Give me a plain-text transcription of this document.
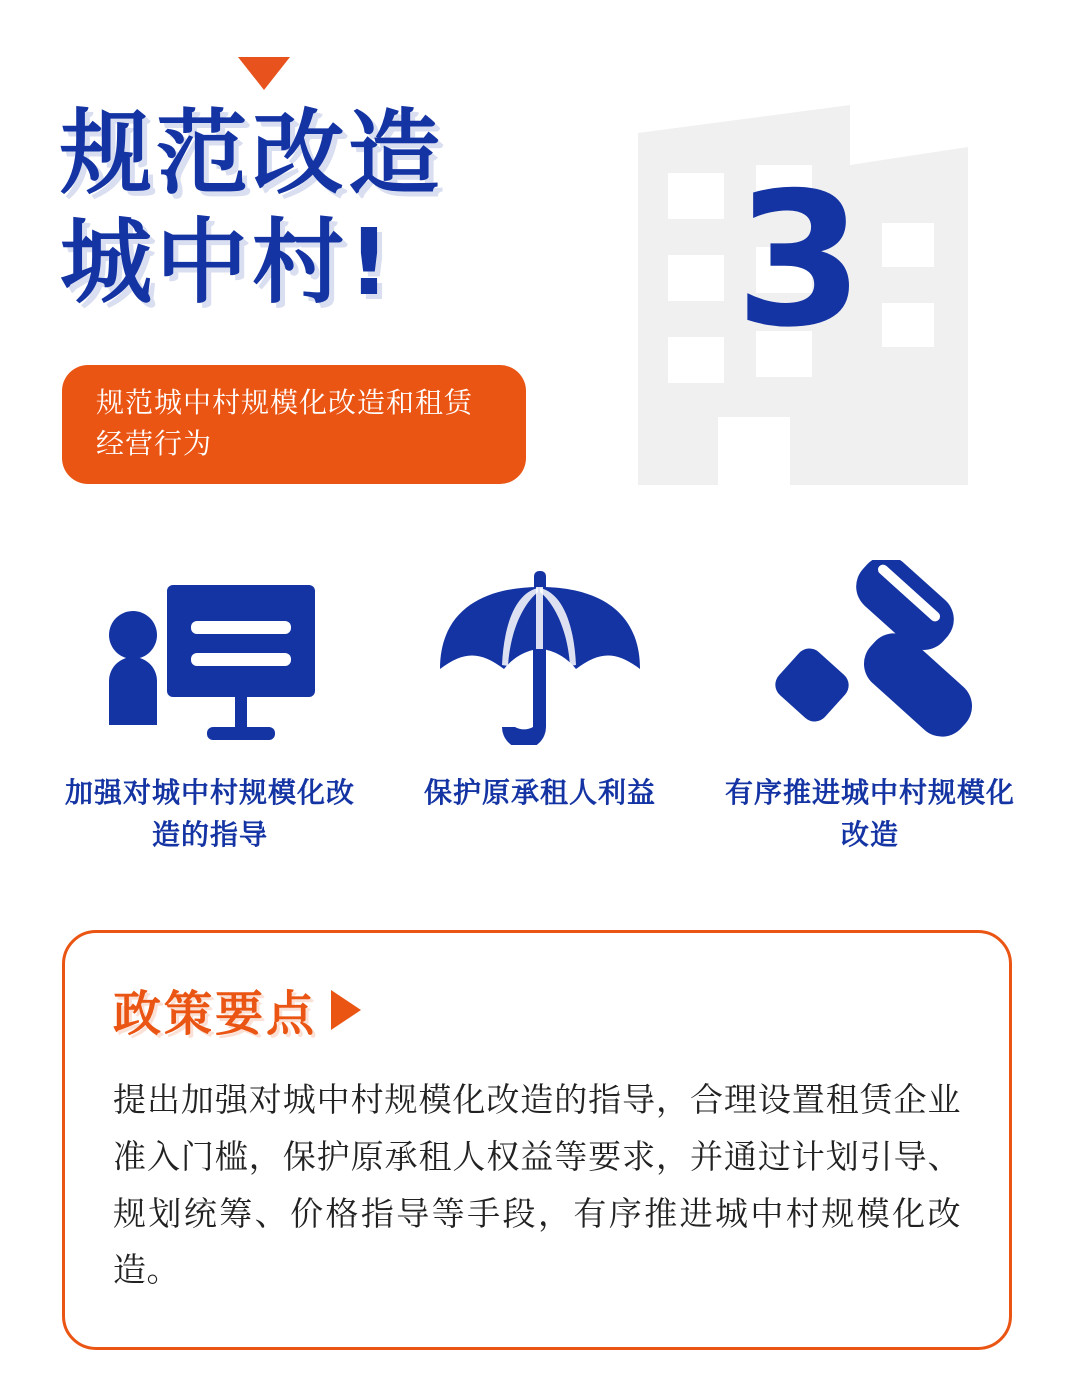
规范改造
城中村!
规范城中村规模化改造和租赁经营行为
3
加强对城中村规模化改造的指导
保护原承租人利益 有序推进城中村规模化改造
政策要点
提出加强对城中村规模化改造的指导，合理设置租赁企业准入门槛，保护原承租人权益等要求，并通过计划引导、规划统筹、价格指导等手段，有序推进城中村规模化改造。
